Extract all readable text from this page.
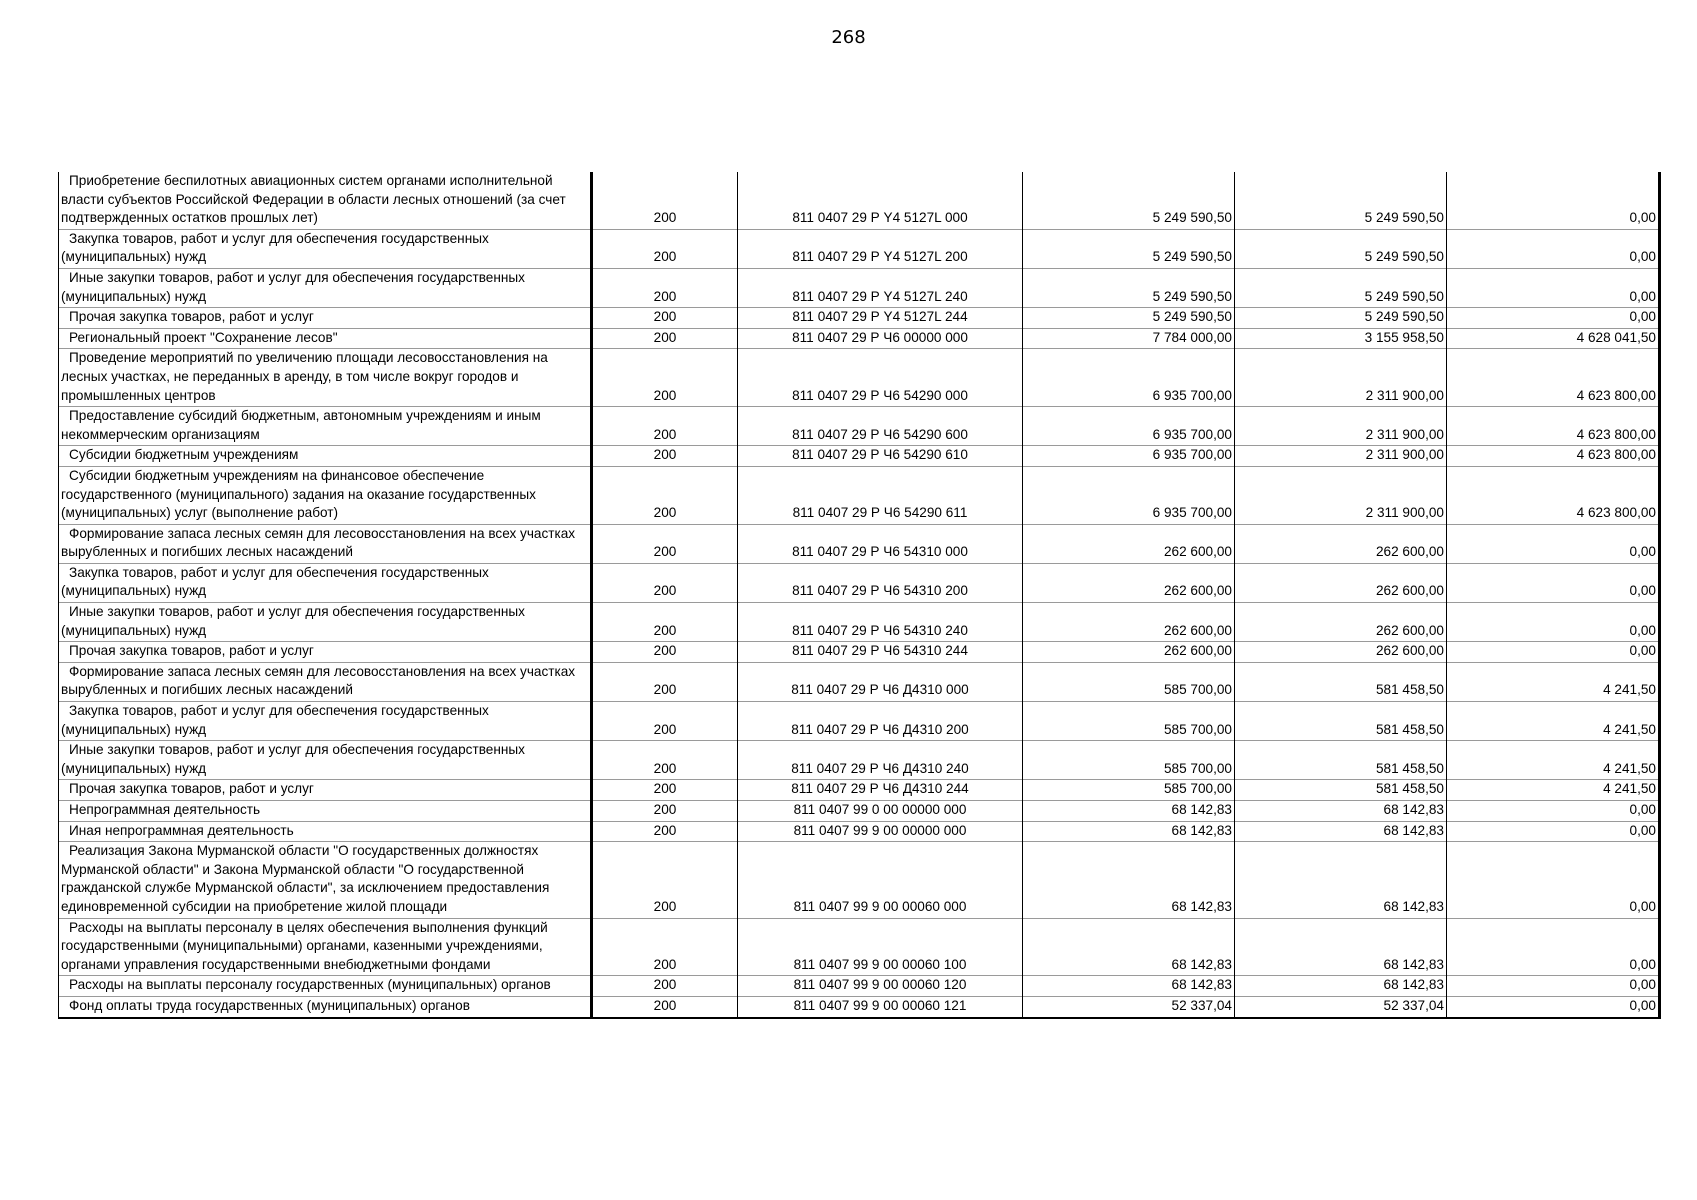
268
Приобретение беспилотных авиационных систем органами исполнительной власти субъектов Российской Федерации в области лесных отношений (за счет подтвержденных остатков прошлых лет)	200	811 0407 29 Р Y4 5127L 000	5 249 590,50	5 249 590,50	0,00

Закупка товаров, работ и услуг для обеспечения государственных (муниципальных) нужд	200	811 0407 29 Р Y4 5127L 200	5 249 590,50	5 249 590,50	0,00

Иные закупки товаров, работ и услуг для обеспечения государственных (муниципальных) нужд	200	811 0407 29 Р Y4 5127L 240	5 249 590,50	5 249 590,50	0,00

Прочая закупка товаров, работ и услуг	200	811 0407 29 Р Y4 5127L 244	5 249 590,50	5 249 590,50	0,00

Региональный проект "Сохранение лесов"	200	811 0407 29 Р Ч6 00000 000	7 784 000,00	3 155 958,50	4 628 041,50

Проведение мероприятий по увеличению площади лесовосстановления на лесных участках, не переданных в аренду, в том числе вокруг городов и промышленных центров	200	811 0407 29 Р Ч6 54290 000	6 935 700,00	2 311 900,00	4 623 800,00

Предоставление субсидий бюджетным, автономным учреждениям и иным некоммерческим организациям	200	811 0407 29 Р Ч6 54290 600	6 935 700,00	2 311 900,00	4 623 800,00

Субсидии бюджетным учреждениям	200	811 0407 29 Р Ч6 54290 610	6 935 700,00	2 311 900,00	4 623 800,00

Субсидии бюджетным учреждениям на финансовое обеспечение государственного (муниципального) задания на оказание государственных (муниципальных) услуг (выполнение работ)	200	811 0407 29 Р Ч6 54290 611	6 935 700,00	2 311 900,00	4 623 800,00

Формирование запаса лесных семян для лесовосстановления на всех участках вырубленных и погибших лесных насаждений	200	811 0407 29 Р Ч6 54310 000	262 600,00	262 600,00	0,00

Закупка товаров, работ и услуг для обеспечения государственных (муниципальных) нужд	200	811 0407 29 Р Ч6 54310 200	262 600,00	262 600,00	0,00

Иные закупки товаров, работ и услуг для обеспечения государственных (муниципальных) нужд	200	811 0407 29 Р Ч6 54310 240	262 600,00	262 600,00	0,00

Прочая закупка товаров, работ и услуг	200	811 0407 29 Р Ч6 54310 244	262 600,00	262 600,00	0,00

Формирование запаса лесных семян для лесовосстановления на всех участках вырубленных и погибших лесных насаждений	200	811 0407 29 Р Ч6 Д4310 000	585 700,00	581 458,50	4 241,50

Закупка товаров, работ и услуг для обеспечения государственных (муниципальных) нужд	200	811 0407 29 Р Ч6 Д4310 200	585 700,00	581 458,50	4 241,50

Иные закупки товаров, работ и услуг для обеспечения государственных (муниципальных) нужд	200	811 0407 29 Р Ч6 Д4310 240	585 700,00	581 458,50	4 241,50

Прочая закупка товаров, работ и услуг	200	811 0407 29 Р Ч6 Д4310 244	585 700,00	581 458,50	4 241,50

Непрограммная деятельность	200	811 0407 99 0 00 00000 000	68 142,83	68 142,83	0,00

Иная непрограммная деятельность	200	811 0407 99 9 00 00000 000	68 142,83	68 142,83	0,00

Реализация Закона Мурманской области "О государственных должностях Мурманской области" и Закона Мурманской области "О государственной гражданской службе Мурманской области", за исключением предоставления единовременной субсидии на приобретение жилой площади	200	811 0407 99 9 00 00060 000	68 142,83	68 142,83	0,00

Расходы на выплаты персоналу в целях обеспечения выполнения функций государственными (муниципальными) органами, казенными учреждениями, органами управления государственными внебюджетными фондами	200	811 0407 99 9 00 00060 100	68 142,83	68 142,83	0,00

Расходы на выплаты персоналу государственных (муниципальных) органов	200	811 0407 99 9 00 00060 120	68 142,83	68 142,83	0,00

Фонд оплаты труда государственных (муниципальных) органов	200	811 0407 99 9 00 00060 121	52 337,04	52 337,04	0,00
